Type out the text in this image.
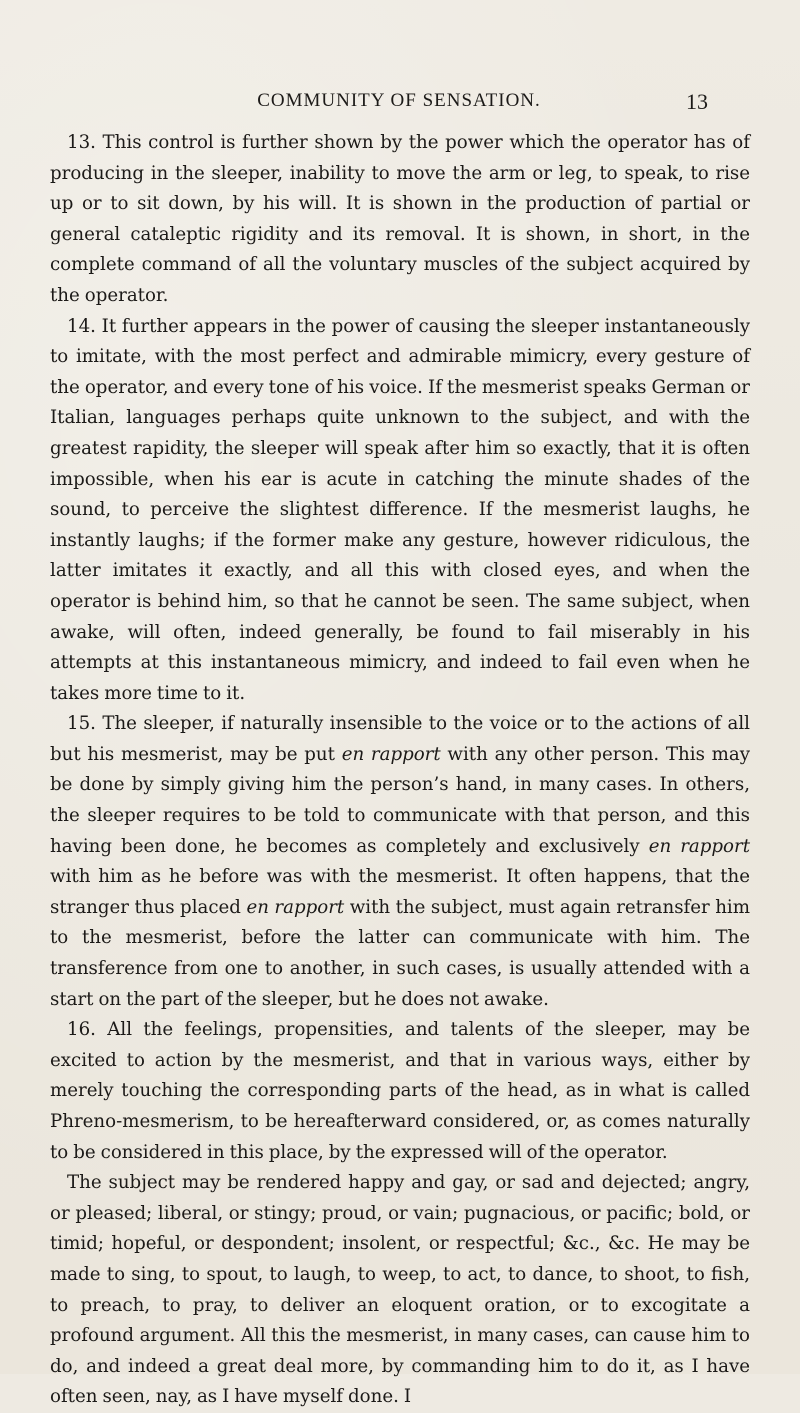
COMMUNITY OF SENSATION.	13

13. This control is further shown by the power which the operator has of producing in the sleeper, inability to move the arm or leg, to speak, to rise up or to sit down, by his will. It is shown in the production of partial or general cataleptic rigidity and its removal. It is shown, in short, in the complete command of all the voluntary muscles of the subject acquired by the operator.

14. It further appears in the power of causing the sleeper instantaneously to imitate, with the most perfect and admirable mimicry, every gesture of the operator, and every tone of his voice. If the mesmerist speaks German or Italian, languages perhaps quite unknown to the subject, and with the greatest rapidity, the sleeper will speak after him so exactly, that it is often impossible, when his ear is acute in catching the minute shades of the sound, to perceive the slightest difference. If the mesmerist laughs, he instantly laughs; if the former make any gesture, however ridiculous, the latter imitates it exactly, and all this with closed eyes, and when the operator is behind him, so that he cannot be seen. The same subject, when awake, will often, indeed generally, be found to fail miserably in his attempts at this instantaneous mimicry, and indeed to fail even when he takes more time to it.

15. The sleeper, if naturally insensible to the voice or to the actions of all but his mesmerist, may be put en rapport with any other person. This may be done by simply giving him the person’s hand, in many cases. In others, the sleeper requires to be told to communicate with that person, and this having been done, he becomes as completely and exclusively en rapport with him as he before was with the mesmerist. It often happens, that the stranger thus placed en rapport with the subject, must again retransfer him to the mesmerist, before the latter can communicate with him. The transference from one to another, in such cases, is usually attended with a start on the part of the sleeper, but he does not awake.

16. All the feelings, propensities, and talents of the sleeper, may be excited to action by the mesmerist, and that in various ways, either by merely touching the corresponding parts of the head, as in what is called Phreno-mesmerism, to be hereafterward considered, or, as comes naturally to be considered in this place, by the expressed will of the operator.

The subject may be rendered happy and gay, or sad and dejected; angry, or pleased; liberal, or stingy; proud, or vain; pugnacious, or pacific; bold, or timid; hopeful, or despondent; insolent, or respectful; &c., &c. He may be made to sing, to spout, to laugh, to weep, to act, to dance, to shoot, to fish, to preach, to pray, to deliver an eloquent oration, or to excogitate a profound argument. All this the mesmerist, in many cases, can cause him to do, and indeed a great deal more, by commanding him to do it, as I have often seen, nay, as I have myself done. I
